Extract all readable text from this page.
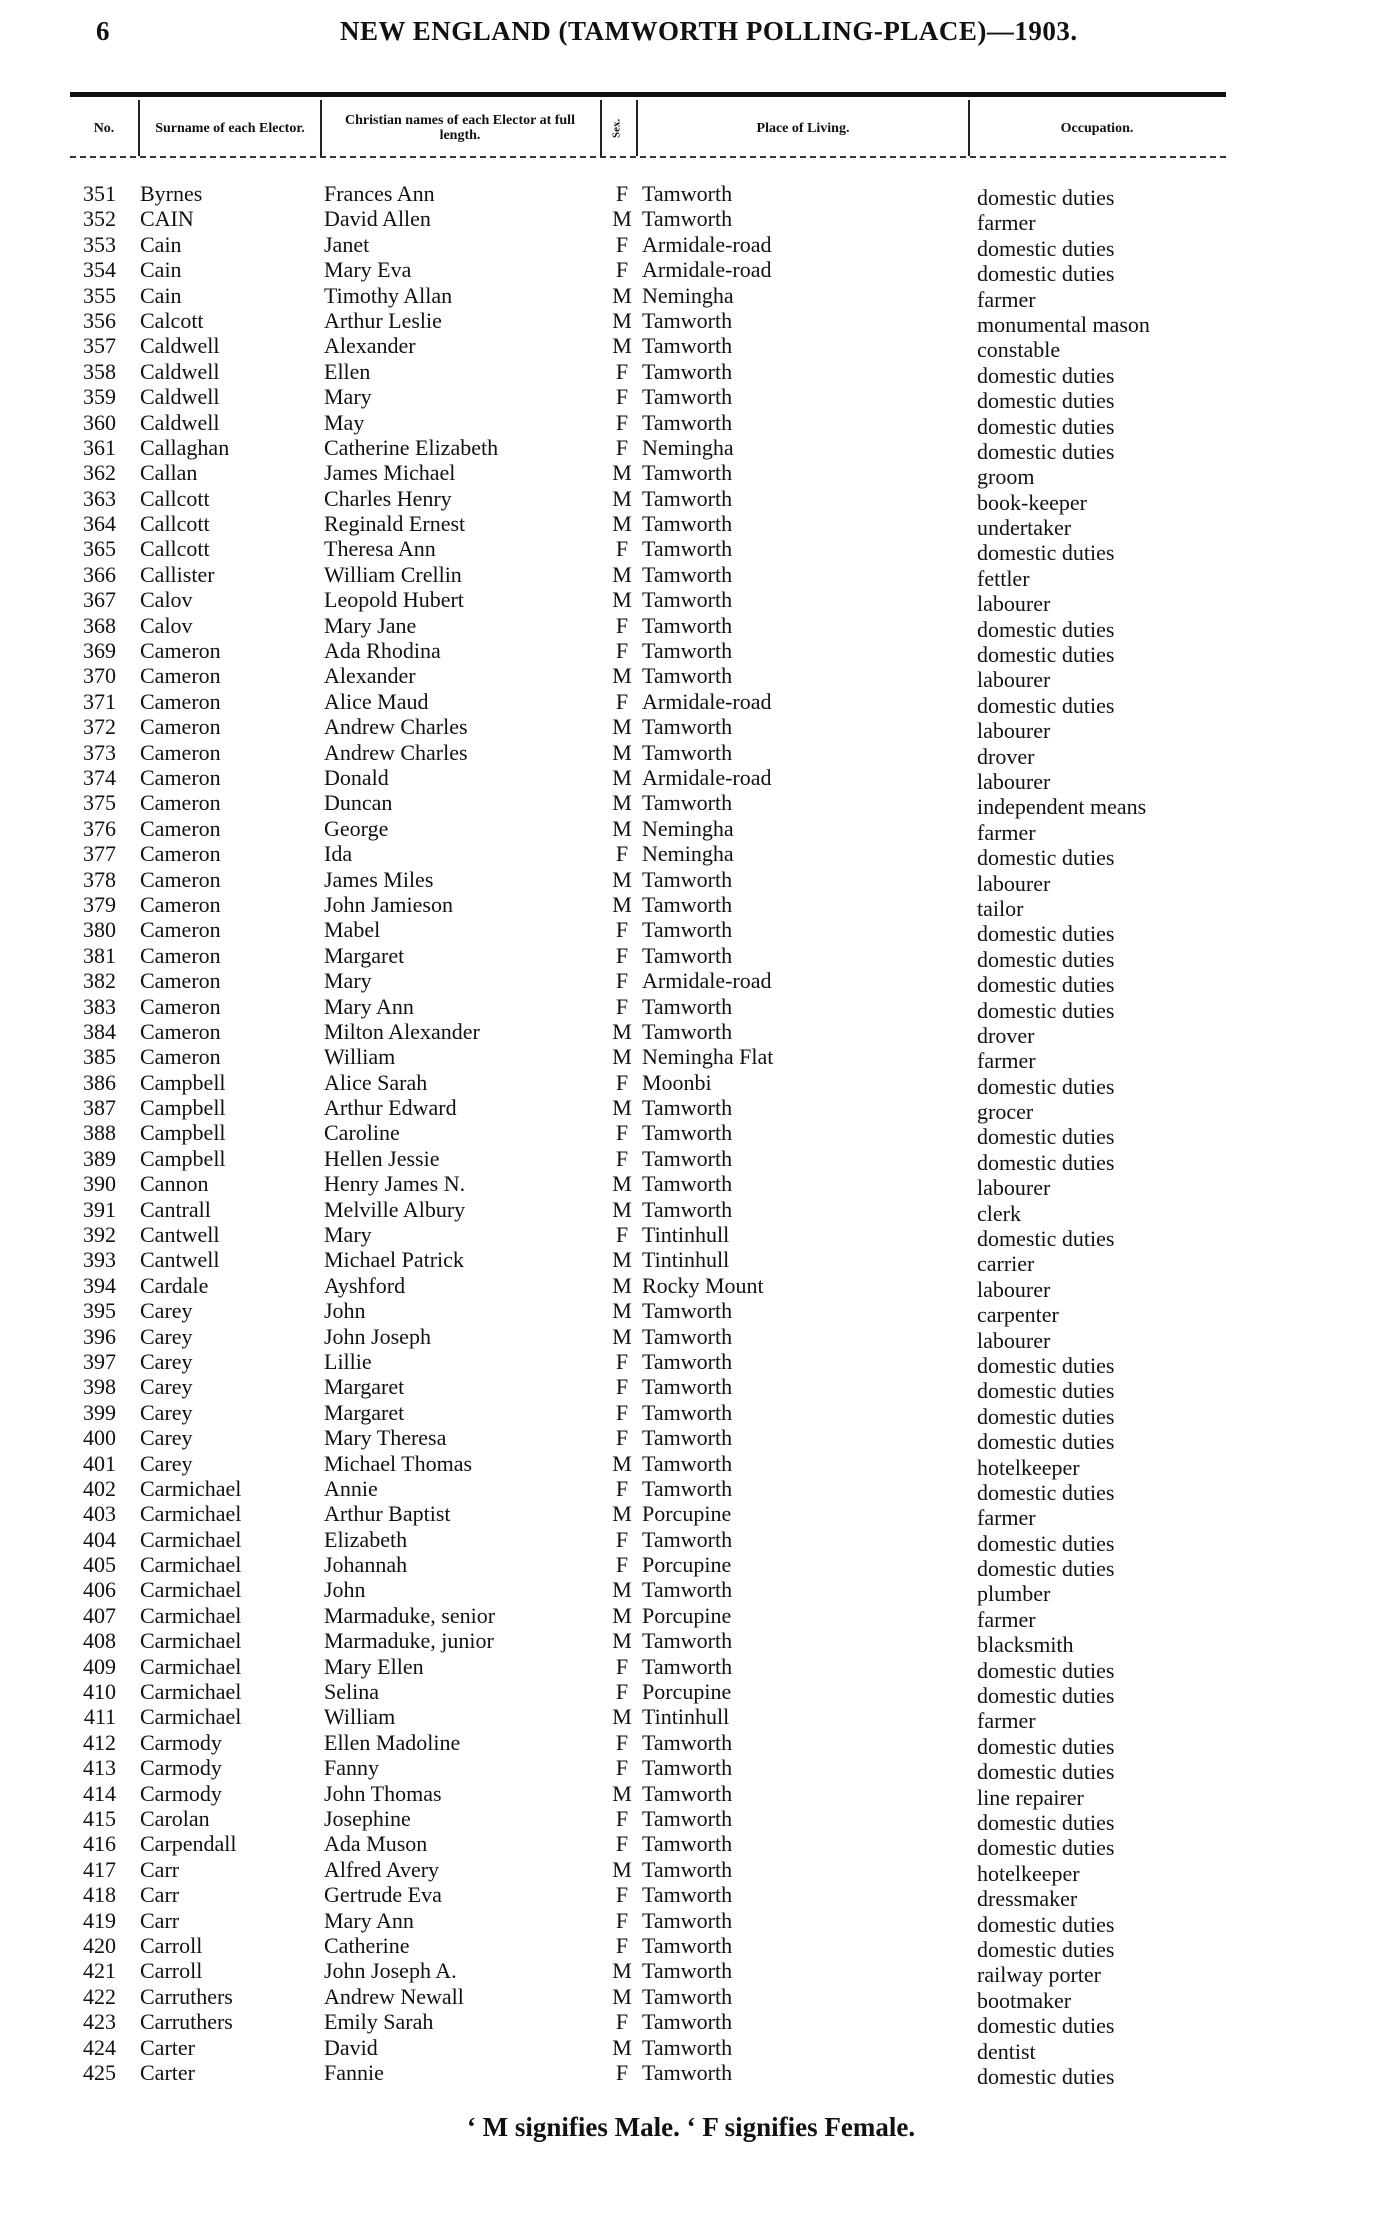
6	NEW ENGLAND (TAMWORTH POLLING-PLACE)—1903.
No.	Surname of each Elector.	Christian names of each Elector at full length.	Sex.	Place of Living.	Occupation.
351 Byrnes	Frances Ann	F Tamworth	domestic duties
352 CAIN	David Allen	M Tamworth	farmer
353 Cain	Janet	F Armidale-road	domestic duties
354 Cain	Mary Eva	F Armidale-road	domestic duties
355 Cain	Timothy Allan	M Nemingha	farmer
356 Calcott	Arthur Leslie	M Tamworth	monumental mason
357 Caldwell	Alexander	M Tamworth	constable
358 Caldwell	Ellen	F Tamworth	domestic duties
359 Caldwell	Mary	F Tamworth	domestic duties
360 Caldwell	May	F Tamworth	domestic duties
361 Callaghan	Catherine Elizabeth	F Nemingha	domestic duties
362 Callan	James Michael	M Tamworth	groom
363 Callcott	Charles Henry	M Tamworth	book-keeper
364 Callcott	Reginald Ernest	M Tamworth	undertaker
365 Callcott	Theresa Ann	F Tamworth	domestic duties
366 Callister	William Crellin	M Tamworth	fettler
367 Calov	Leopold Hubert	M Tamworth	labourer
368 Calov	Mary Jane	F Tamworth	domestic duties
369 Cameron	Ada Rhodina	F Tamworth	domestic duties
370 Cameron	Alexander	M Tamworth	labourer
371 Cameron	Alice Maud	F Armidale-road	domestic duties
372 Cameron	Andrew Charles	M Tamworth	labourer
373 Cameron	Andrew Charles	M Tamworth	drover
374 Cameron	Donald	M Armidale-road	labourer
375 Cameron	Duncan	M Tamworth	independent means
376 Cameron	George	M Nemingha	farmer
377 Cameron	Ida	F Nemingha	domestic duties
378 Cameron	James Miles	M Tamworth	labourer
379 Cameron	John Jamieson	M Tamworth	tailor
380 Cameron	Mabel	F Tamworth	domestic duties
381 Cameron	Margaret	F Tamworth	domestic duties
382 Cameron	Mary	F Armidale-road	domestic duties
383 Cameron	Mary Ann	F Tamworth	domestic duties
384 Cameron	Milton Alexander	M Tamworth	drover
385 Cameron	William	M Nemingha Flat	farmer
386 Campbell	Alice Sarah	F Moonbi	domestic duties
387 Campbell	Arthur Edward	M Tamworth	grocer
388 Campbell	Caroline	F Tamworth	domestic duties
389 Campbell	Hellen Jessie	F Tamworth	domestic duties
390 Cannon	Henry James N.	M Tamworth	labourer
391 Cantrall	Melville Albury	M Tamworth	clerk
392 Cantwell	Mary	F Tintinhull	domestic duties
393 Cantwell	Michael Patrick	M Tintinhull	carrier
394 Cardale	Ayshford	M Rocky Mount	labourer
395 Carey	John	M Tamworth	carpenter
396 Carey	John Joseph	M Tamworth	labourer
397 Carey	Lillie	F Tamworth	domestic duties
398 Carey	Margaret	F Tamworth	domestic duties
399 Carey	Margaret	F Tamworth	domestic duties
400 Carey	Mary Theresa	F Tamworth	domestic duties
401 Carey	Michael Thomas	M Tamworth	hotelkeeper
402 Carmichael	Annie	F Tamworth	domestic duties
403 Carmichael	Arthur Baptist	M Porcupine	farmer
404 Carmichael	Elizabeth	F Tamworth	domestic duties
405 Carmichael	Johannah	F Porcupine	domestic duties
406 Carmichael	John	M Tamworth	plumber
407 Carmichael	Marmaduke, senior	M Porcupine	farmer
408 Carmichael	Marmaduke, junior	M Tamworth	blacksmith
409 Carmichael	Mary Ellen	F Tamworth	domestic duties
410 Carmichael	Selina	F Porcupine	domestic duties
411 Carmichael	William	M Tintinhull	farmer
412 Carmody	Ellen Madoline	F Tamworth	domestic duties
413 Carmody	Fanny	F Tamworth	domestic duties
414 Carmody	John Thomas	M Tamworth	line repairer
415 Carolan	Josephine	F Tamworth	domestic duties
416 Carpendall	Ada Muson	F Tamworth	domestic duties
417 Carr	Alfred Avery	M Tamworth	hotelkeeper
418 Carr	Gertrude Eva	F Tamworth	dressmaker
419 Carr	Mary Ann	F Tamworth	domestic duties
420 Carroll	Catherine	F Tamworth	domestic duties
421 Carroll	John Joseph A.	M Tamworth	railway porter
422 Carruthers	Andrew Newall	M Tamworth	bootmaker
423 Carruthers	Emily Sarah	F Tamworth	domestic duties
424 Carter	David	M Tamworth	dentist
425 Carter	Fannie	F Tamworth	domestic duties
‘ M signifies Male. ‘ F signifies Female.
